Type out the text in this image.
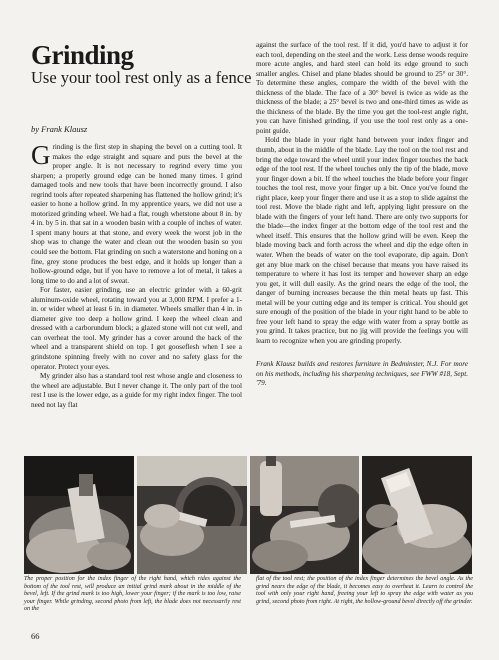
Grinding
Use your tool rest only as a fence
by Frank Klausz

Grinding is the first step in shaping the bevel on a cutting tool. It makes the edge straight and square and puts the bevel at the proper angle. It is not necessary to regrind every time you sharpen; a properly ground edge can be honed many times. I grind damaged tools and new tools that have been incorrectly ground. I also regrind tools after repeated sharpening has flattened the hollow grind; it's easier to hone a hollow grind. In my apprentice years, we did not use a motorized grinding wheel. We had a flat, rough whetstone about 8 in. by 4 in. by 5 in. that sat in a wooden basin with a couple of inches of water. I spent many hours at that stone, and every week the worst job in the shop was to change the water and clean out the wooden basin so you could see the bottom. Flat grinding on such a waterstone and honing on a fine, grey stone produces the best edge, and it holds up longer than a hollow-ground edge, but if you have to remove a lot of metal, it takes a long time to do and a lot of sweat.

For faster, easier grinding, use an electric grinder with a 60-grit aluminum-oxide wheel, rotating toward you at 3,000 RPM. I prefer a 1-in. or wider wheel at least 6 in. in diameter. Wheels smaller than 4 in. in diameter give too deep a hollow grind. I keep the wheel clean and dressed with a carborundum block; a glazed stone will not cut well, and can overheat the tool. My grinder has a cover around the back of the wheel and a transparent shield on top. I get gooseflesh when I see a grindstone spinning freely with no cover and no safety glass for the operator. Protect your eyes.

My grinder also has a standard tool rest whose angle and closeness to the wheel are adjustable. But I never change it. The only part of the tool rest I use is the lower edge, as a guide for my right index finger. The tool need not lay flat

against the surface of the tool rest. If it did, you'd have to adjust it for each tool, depending on the steel and the work. Less dense woods require more acute angles, and hard steel can hold its edge ground to such smaller angles. Chisel and plane blades should be ground to 25° or 30°. To determine these angles, compare the width of the bevel with the thickness of the blade. The face of a 30° bevel is twice as wide as the thickness of the blade; a 25° bevel is two and one-third times as wide as the thickness of the blade. By the time you get the tool-rest angle right, you can have finished grinding, if you use the tool rest only as a one-point guide.

Hold the blade in your right hand between your index finger and thumb, about in the middle of the blade. Lay the tool on the tool rest and bring the edge toward the wheel until your index finger touches the back edge of the tool rest. If the wheel touches only the tip of the blade, move your finger down a bit. If the wheel touches the blade before your finger touches the tool rest, move your finger up a bit. Once you've found the right place, keep your finger there and use it as a stop to slide against the tool rest. Move the blade right and left, applying light pressure on the blade with the fingers of your left hand. There are only two supports for the blade—the index finger at the bottom edge of the tool rest and the wheel itself. This ensures that the hollow grind will be even. Keep the blade moving back and forth across the wheel and dip the edge often in water. When the beads of water on the tool evaporate, dip again. Don't get any blue mark on the chisel because that means you have raised its temperature to where it has lost its temper and however sharp an edge you get, it will dull easily. As the grind nears the edge of the tool, the danger of burning increases because the thin metal heats up fast. This metal will be your cutting edge and its temper is critical. You should get sure enough of the position of the blade in your right hand to be able to free your left hand to spray the edge with water from a spray bottle as you grind. It takes practice, but no jig will provide the feelings you will learn to recognize when you are grinding properly.

Frank Klausz builds and restores furniture in Bedminster, N.J. For more on his methods, including his sharpening techniques, see FWW #18, Sept. '79.
The proper position for the index finger of the right hand, which rides against the bottom of the tool rest, will produce an initial grind mark about in the middle of the bevel, left. If the grind mark is too high, lower your finger; if the mark is too low, raise your finger. While grinding, second photo from left, the blade does not necessarily rest on the
flat of the tool rest; the position of the index finger determines the bevel angle. As the grind nears the edge of the blade, it becomes easy to overheat it. Learn to control the tool with only your right hand, freeing your left to spray the edge with water as you grind, second photo from right. At right, the hollow-ground bevel directly off the grinder.
66
